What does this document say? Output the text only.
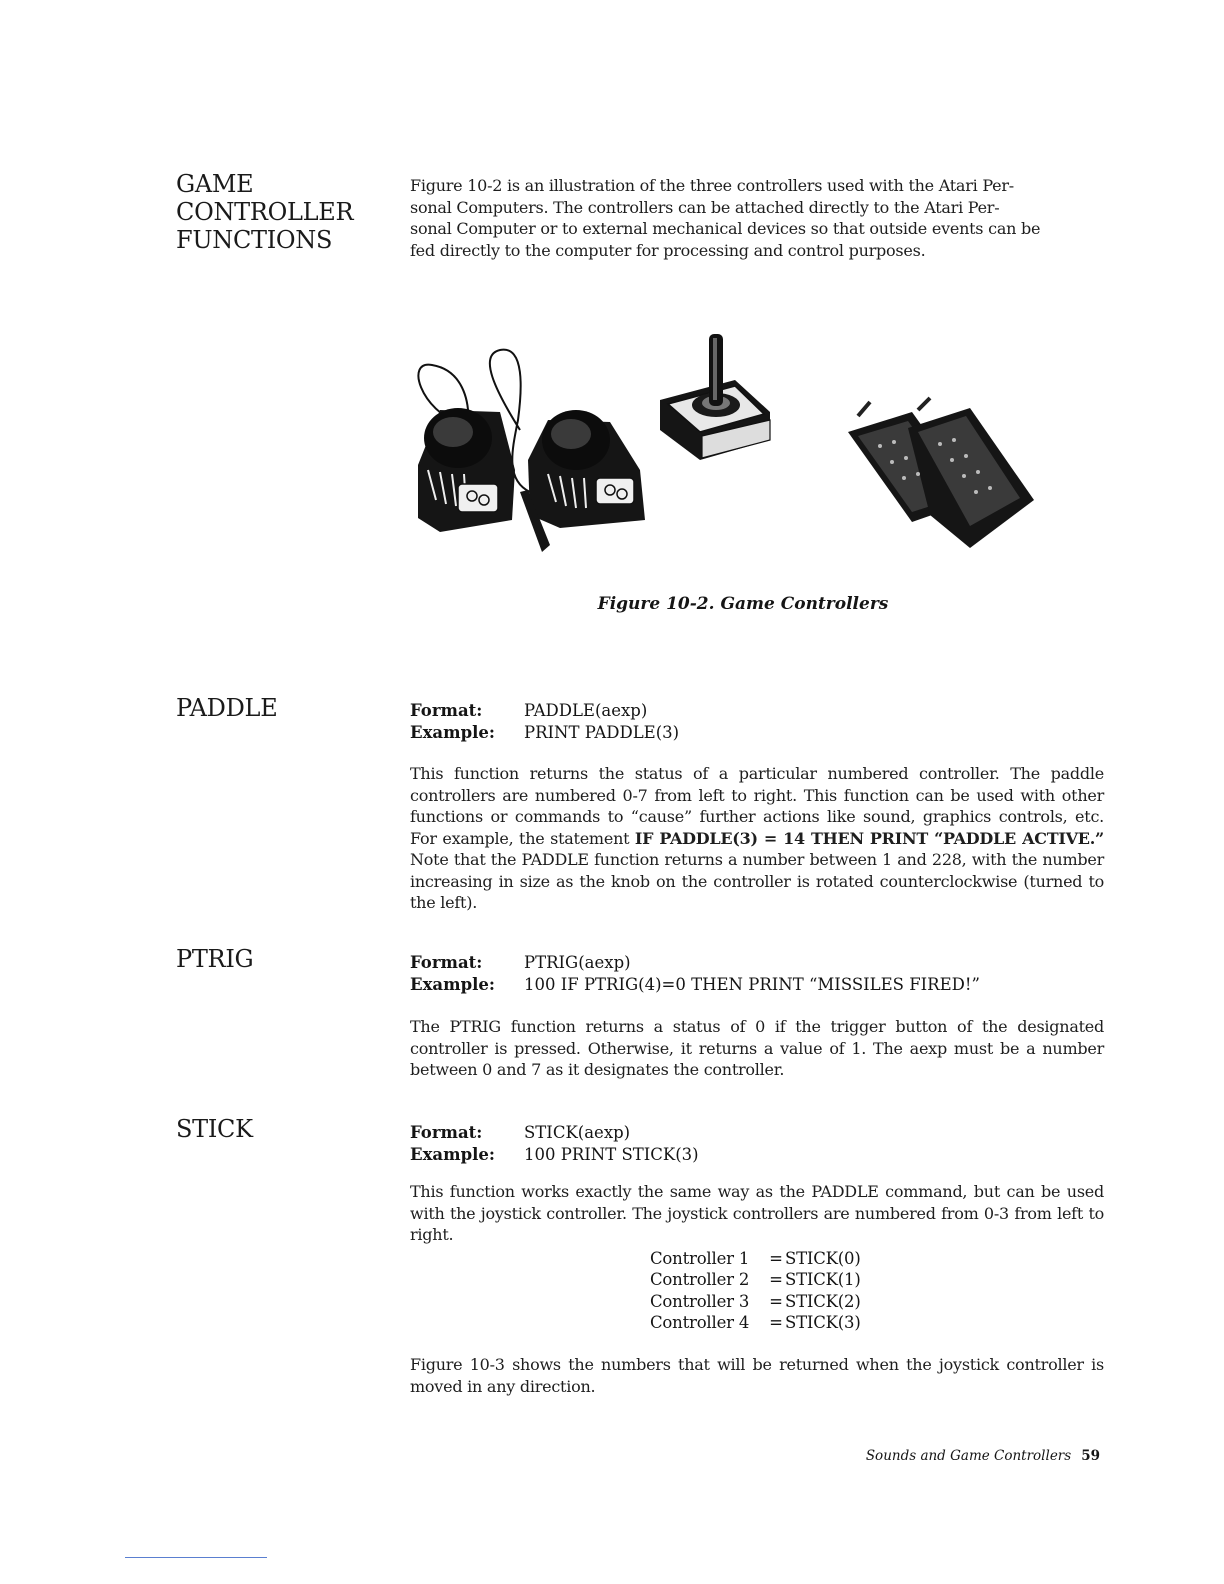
GAME
CONTROLLER
FUNCTIONS
Figure 10-2 is an illustration of the three controllers used with the Atari Per-
sonal Computers. The controllers can be attached directly to the Atari Per-
sonal Computer or to external mechanical devices so that outside events can be
fed directly to the computer for processing and control purposes.
Figure 10-2. Game Controllers
PADDLE	Format:	PADDLE(aexp)
Example:	PRINT PADDLE(3)

This function returns the status of a particular numbered controller. The paddle controllers are numbered 0-7 from left to right. This function can be used with other functions or commands to “cause” further actions like sound, graphics controls, etc. For example, the statement IF PADDLE(3) = 14 THEN PRINT “PADDLE ACTIVE.” Note that the PADDLE function returns a number between 1 and 228, with the number increasing in size as the knob on the controller is rotated counterclockwise (turned to the left).

PTRIG	Format:	PTRIG(aexp)
Example:	100 IF PTRIG(4)=0 THEN PRINT “MISSILES FIRED!”

The PTRIG function returns a status of 0 if the trigger button of the designated controller is pressed. Otherwise, it returns a value of 1. The aexp must be a number between 0 and 7 as it designates the controller.

STICK	Format:	STICK(aexp)
Example:	100 PRINT STICK(3)

This function works exactly the same way as the PADDLE command, but can be used with the joystick controller. The joystick controllers are numbered from 0-3 from left to right.

Controller 1	= STICK(0)
Controller 2	= STICK(1)
Controller 3	= STICK(2)
Controller 4	= STICK(3)

Figure 10-3 shows the numbers that will be returned when the joystick controller is moved in any direction.

Sounds and Game Controllers 59
